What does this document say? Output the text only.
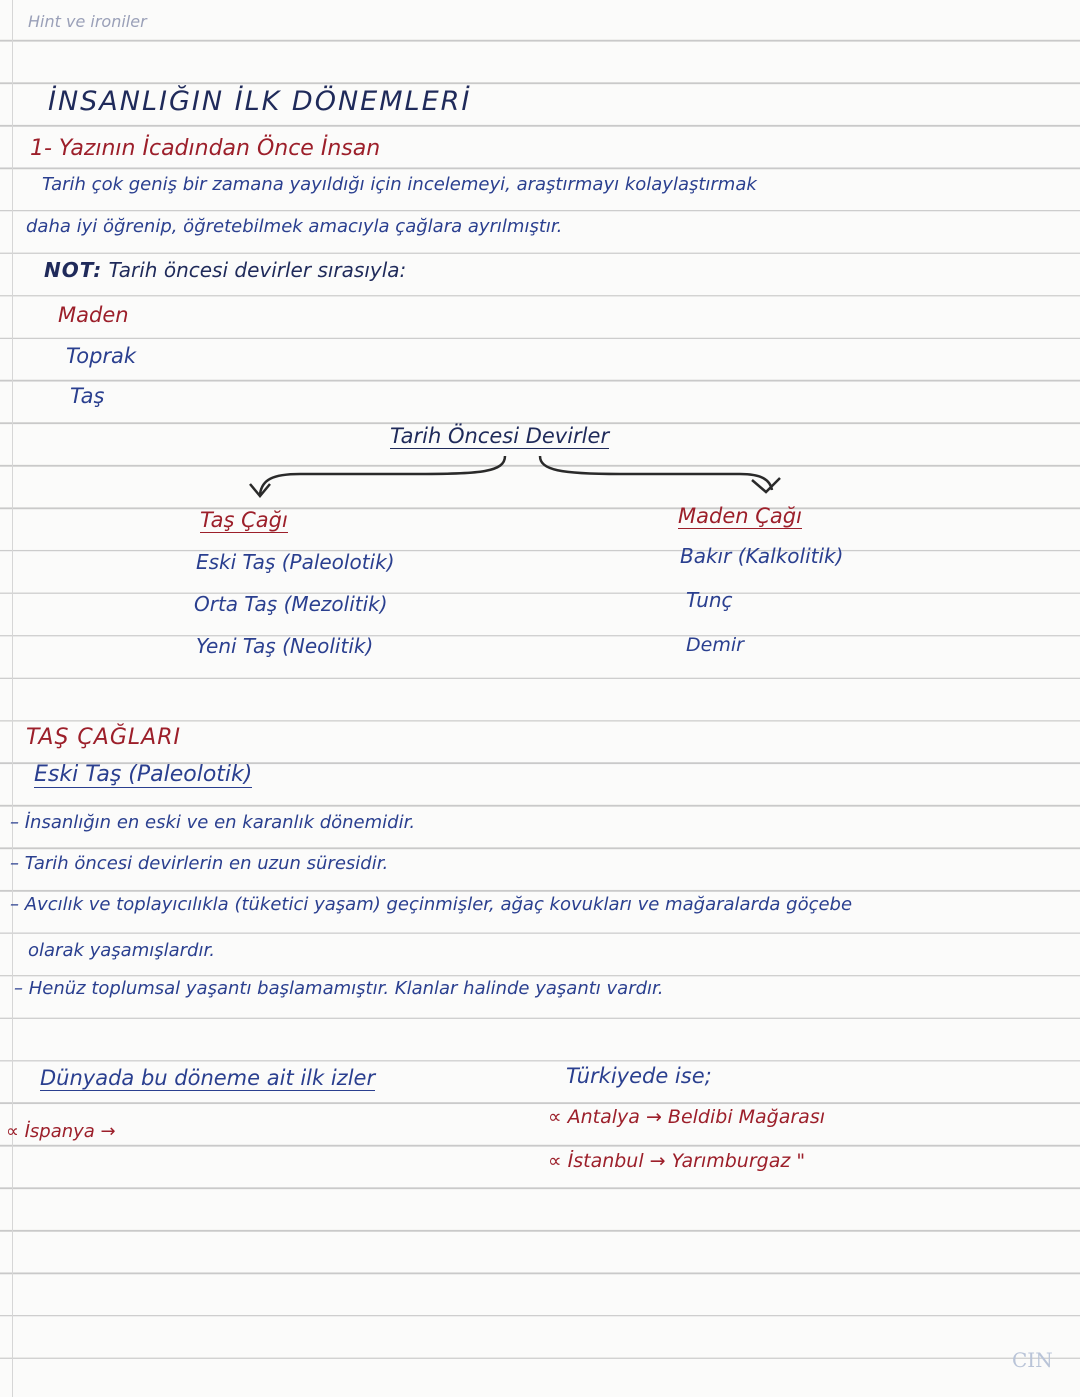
Hint ve ironiler
İNSANLIĞIN İLK DÖNEMLERİ
1- Yazının İcadından Önce İnsan
Tarih çok geniş bir zamana yayıldığı için incelemeyi, araştırmayı kolaylaştırmak
daha iyi öğrenip, öğretebilmek amacıyla çağlara ayrılmıştır.
NOT: Tarih öncesi devirler sırasıyla:
Maden
Toprak
Taş
Tarih Öncesi Devirler
Taş Çağı
Eski Taş (Paleolotik)
Orta Taş (Mezolitik)
Yeni Taş (Neolitik)
Maden Çağı
Bakır (Kalkolitik)
Tunç
Demir
TAŞ ÇAĞLARI
Eski Taş (Paleolotik)
– İnsanlığın en eski ve en karanlık dönemidir.
– Tarih öncesi devirlerin en uzun süresidir.
– Avcılık ve toplayıcılıkla (tüketici yaşam) geçinmişler, ağaç kovukları ve mağaralarda göçebe
olarak yaşamışlardır.
– Henüz toplumsal yaşantı başlamamıştır. Klanlar halinde yaşantı vardır.
Dünyada bu döneme ait ilk izler
∝ İspanya →
Türkiyede ise;
∝ Antalya → Beldibi Mağarası
∝ İstanbul → Yarımburgaz "
CIN
